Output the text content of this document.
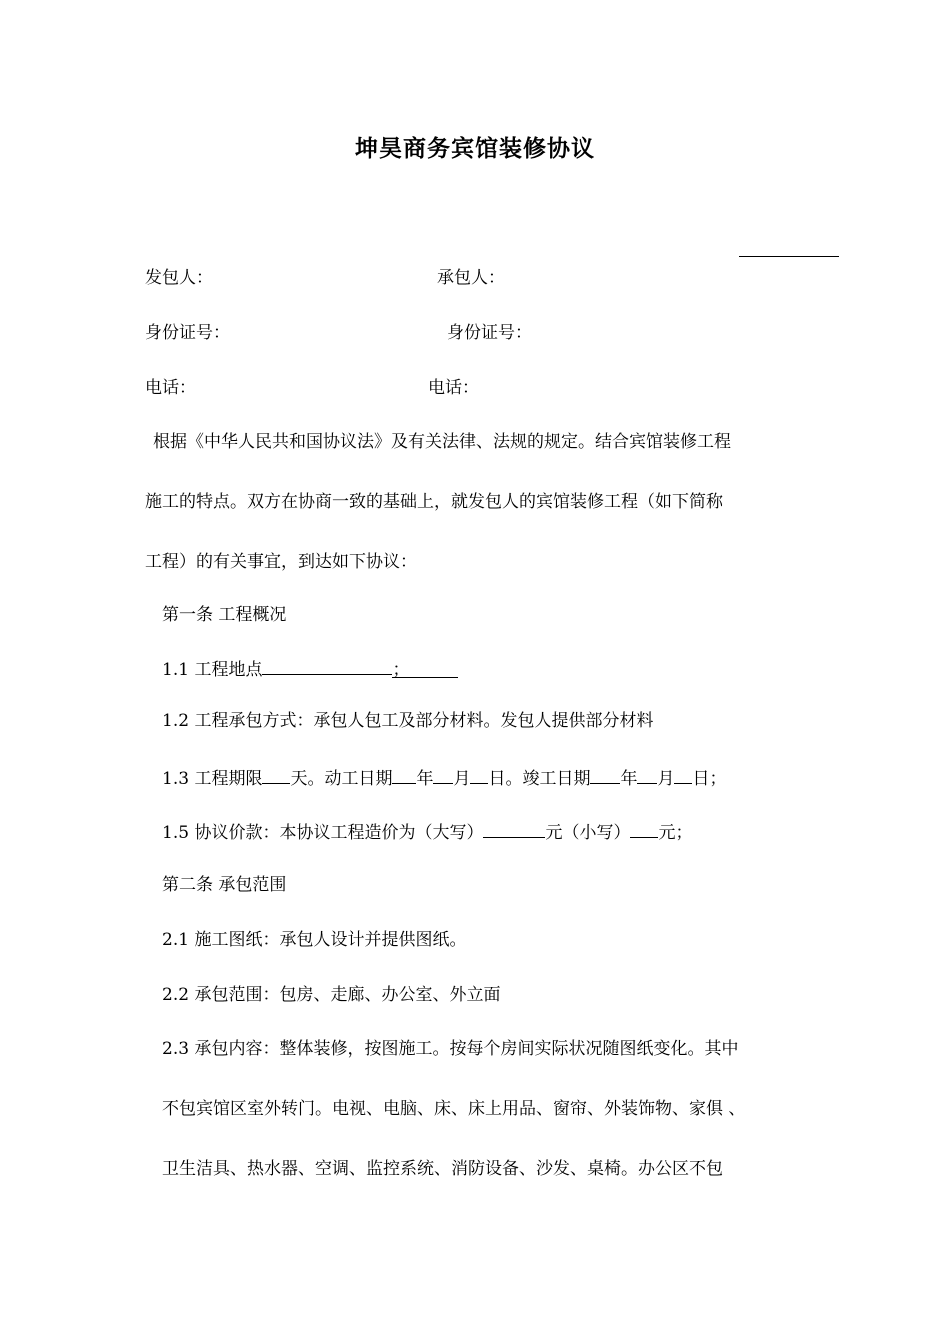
坤昊商务宾馆装修协议
发包人：	承包人：
身份证号：	身份证号：
电话：	电话：
根据《中华人民共和国协议法》及有关法律、法规的规定。结合宾馆装修工程
施工的特点。双方在协商一致的基础上，就发包人的宾馆装修工程（如下简称
工程）的有关事宜，到达如下协议：
第一条 工程概况
1.1 工程地点	；
1.2 工程承包方式：承包人包工及部分材料。发包人提供部分材料
1.3 工程期限 天。动工日期 年 月 日。竣工日期 年 月 日；
1.5 协议价款：本协议工程造价为（大写）	元（小写） 元；
第二条 承包范围
2.1 施工图纸：承包人设计并提供图纸。
2.2 承包范围：包房、走廊、办公室、外立面
2.3 承包内容：整体装修，按图施工。按每个房间实际状况随图纸变化。其中
不包宾馆区室外转门。电视、电脑、床、床上用品、窗帘、外装饰物、家俱 、
卫生洁具、热水器、空调、监控系统、消防设备、沙发、桌椅。办公区不包
